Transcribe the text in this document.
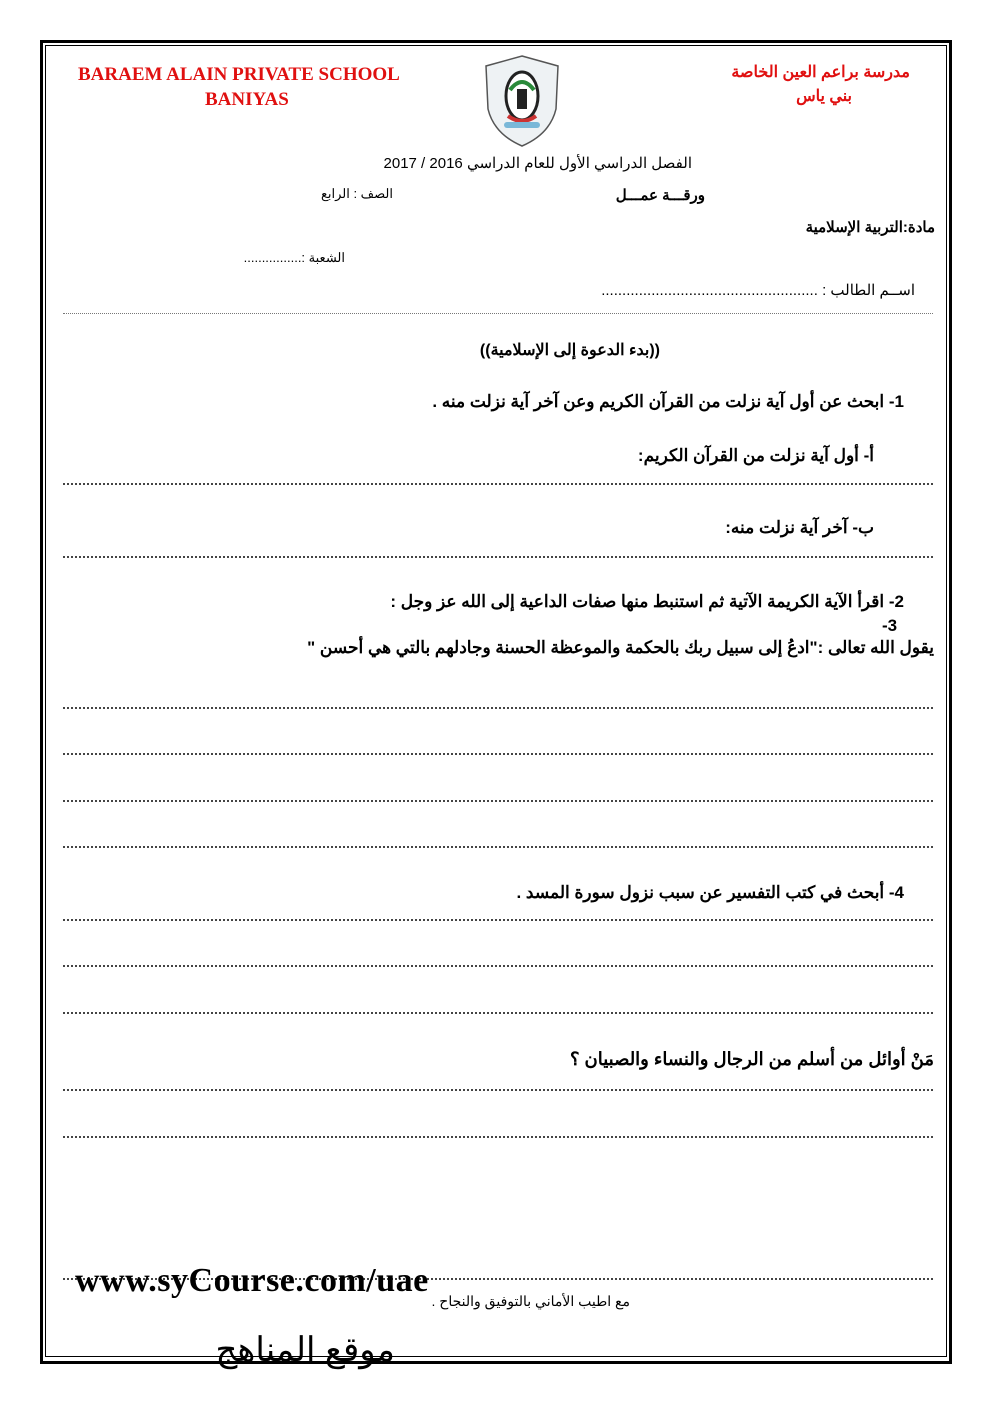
BARAEM ALAIN PRIVATE SCHOOL
BANIYAS
مدرسة براعم العين الخاصة
بني ياس
الفصل الدراسي الأول للعام الدراسي 2016 / 2017
ورقـــة عمـــل
الصف : الرابع
مادة:التربية الإسلامية
الشعبة :................
اســم الطالب : ....................................................
((بدء الدعوة إلى الإسلامية))
1- ابحث عن أول آية نزلت من القرآن الكريم وعن آخر آية نزلت منه .
أ- أول آية نزلت من القرآن الكريم:
ب- آخر آية نزلت منه:
2- اقرأ الآية الكريمة الآتية ثم استنبط منها صفات الداعية إلى الله عز وجل :
-3
يقول الله تعالى :"ادعُ إلى سبيل ربك بالحكمة والموعظة الحسنة وجادلهم بالتي هي أحسن "
4- أبحث في كتب التفسير عن سبب نزول سورة المسد .
مَنْ أوائل من أسلم من الرجال والنساء والصبيان ؟
مع اطيب الأماني بالتوفيق والنجاح .
www.syCourse.com/uae
موقع المناهج
